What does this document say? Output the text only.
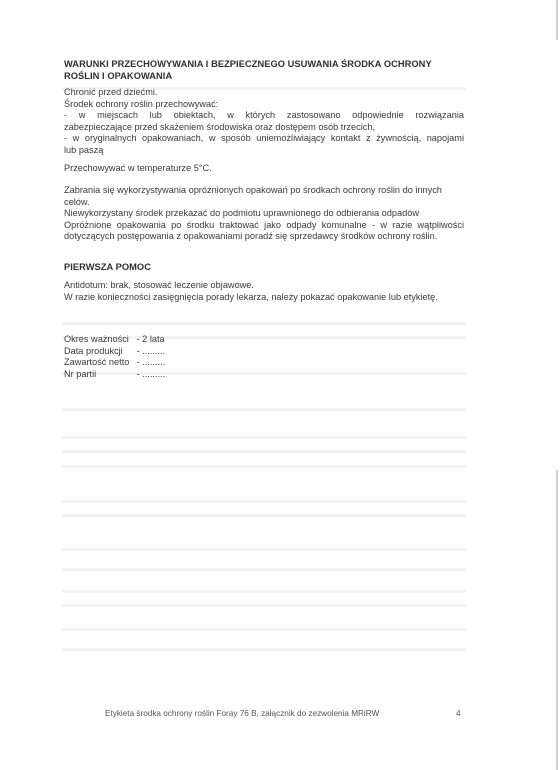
WARUNKI PRZECHOWYWANIA I BEZPIECZNEGO USUWANIA ŚRODKA OCHRONY
ROŚLIN I OPAKOWANIA
Chronić przed dziećmi.
Środek ochrony roślin przechowywać:
- w miejscach lub obiektach, w których zastosowano odpowiednie rozwiązania
zabezpieczające przed skażeniem środowiska oraz dostępem osób trzecich,
- w oryginalnych opakowaniach, w sposób uniemożliwiający kontakt z żywnością, napojami
lub paszą
Przechowywać w temperaturze 5°C.
Zabrania się wykorzystywania opróżnionych opakowań po środkach ochrony roślin do innych
celów.
Niewykorzystany środek przekazać do podmiotu uprawnionego do odbierania odpadów
Opróżnione opakowania po środku traktować jako odpady komunalne - w razie wątpliwości
dotyczących postępowania z opakowaniami poradź się sprzedawcy środków ochrony roślin.
PIERWSZA POMOC
Antidotum: brak, stosować leczenie objawowe.
W razie konieczności zasięgnięcia porady lekarza, należy pokazać opakowanie lub etykietę.
Okres ważności - 2 lata
Data produkcji - .........
Zawartość netto - .........
Nr partii	- .........
Etykieta środka ochrony roślin Foray 76 B, załącznik do zezwolenia MRiRW	4
